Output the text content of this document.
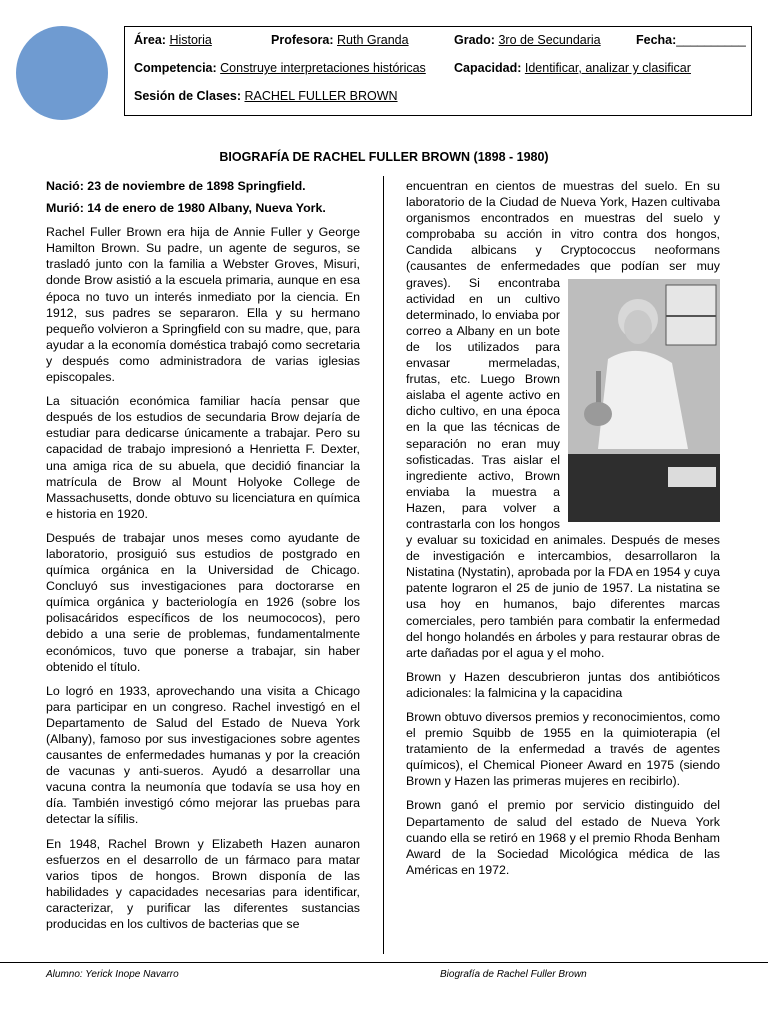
Área: Historia	Profesora: Ruth Granda	Grado: 3ro de Secundaria	Fecha:__________
Competencia: Construye interpretaciones históricas Capacidad: Identificar, analizar y clasificar
Sesión de Clases: RACHEL FULLER BROWN
BIOGRAFÍA DE RACHEL FULLER BROWN (1898 - 1980)

Nació: 23 de noviembre de 1898 Springfield.

Murió: 14 de enero de 1980 Albany, Nueva York.

Rachel Fuller Brown era hija de Annie Fuller y George Hamilton Brown. Su padre, un agente de seguros, se trasladó junto con la familia a Webster Groves, Misuri, donde Brow asistió a la escuela primaria, aunque en esa época no tuvo un interés inmediato por la ciencia. En 1912, sus padres se separaron. Ella y su hermano pequeño volvieron a Springfield con su madre, que, para ayudar a la economía doméstica trabajó como secretaria y después como administradora de varias iglesias episcopales.

La situación económica familiar hacía pensar que después de los estudios de secundaria Brow dejaría de estudiar para dedicarse únicamente a trabajar. Pero su capacidad de trabajo impresionó a Henrietta F. Dexter, una amiga rica de su abuela, que decidió financiar la matrícula de Brow al Mount Holyoke College de Massachusetts, donde obtuvo su licenciatura en química e historia en 1920.

Después de trabajar unos meses como ayudante de laboratorio, prosiguió sus estudios de postgrado en química orgánica en la Universidad de Chicago. Concluyó sus investigaciones para doctorarse en química orgánica y bacteriología en 1926 (sobre los polisacáridos específicos de los neumococos), pero debido a una serie de problemas, fundamentalmente económicos, tuvo que ponerse a trabajar, sin haber obtenido el título.

Lo logró en 1933, aprovechando una visita a Chicago para participar en un congreso. Rachel investigó en el Departamento de Salud del Estado de Nueva York (Albany), famoso por sus investigaciones sobre agentes causantes de enfermedades humanas y por la creación de vacunas y anti-sueros. Ayudó a desarrollar una vacuna contra la neumonía que todavía se usa hoy en día. También investigó cómo mejorar las pruebas para detectar la sífilis.

En 1948, Rachel Brown y Elizabeth Hazen aunaron esfuerzos en el desarrollo de un fármaco para matar varios tipos de hongos. Brown disponía de las habilidades y capacidades necesarias para identificar, caracterizar, y purificar las diferentes sustancias producidas en los cultivos de bacterias que se

encuentran en cientos de muestras del suelo. En su laboratorio de la Ciudad de Nueva York, Hazen cultivaba organismos encontrados en muestras del suelo y comprobaba su acción in vitro contra dos hongos, Candida albicans y Cryptococcus neoformans (causantes de enfermedades que podían ser muy graves). Si encontraba actividad en un cultivo determinado, lo enviaba por correo a Albany en un bote de los utilizados para envasar mermeladas, frutas, etc. Luego Brown aislaba el agente activo en dicho cultivo, en una época en la que las técnicas de separación no eran muy sofisticadas. Tras aislar el ingrediente activo, Brown enviaba la muestra a Hazen, para volver a contrastarla con los hongos y evaluar su toxicidad en animales. Después de meses de investigación e intercambios, desarrollaron la Nistatina (Nystatin), aprobada por la FDA en 1954 y cuya patente lograron el 25 de junio de 1957. La nistatina se usa hoy en humanos, bajo diferentes marcas comerciales, pero también para combatir la enfermedad del hongo holandés en árboles y para restaurar obras de arte dañadas por el agua y el moho.

Brown y Hazen descubrieron juntas dos antibióticos adicionales: la falmicina y la capacidina

Brown obtuvo diversos premios y reconocimientos, como el premio Squibb de 1955 en la quimioterapia (el tratamiento de la enfermedad a través de agentes químicos), el Chemical Pioneer Award en 1975 (siendo Brown y Hazen las primeras mujeres en recibirlo).

Brown ganó el premio por servicio distinguido del Departamento de salud del estado de Nueva York cuando ella se retiró en 1968 y el premio Rhoda Benham Award de la Sociedad Micológica médica de las Américas en 1972.

Alumno: Yerick Inope Navarro	Biografía de Rachel Fuller Brown
